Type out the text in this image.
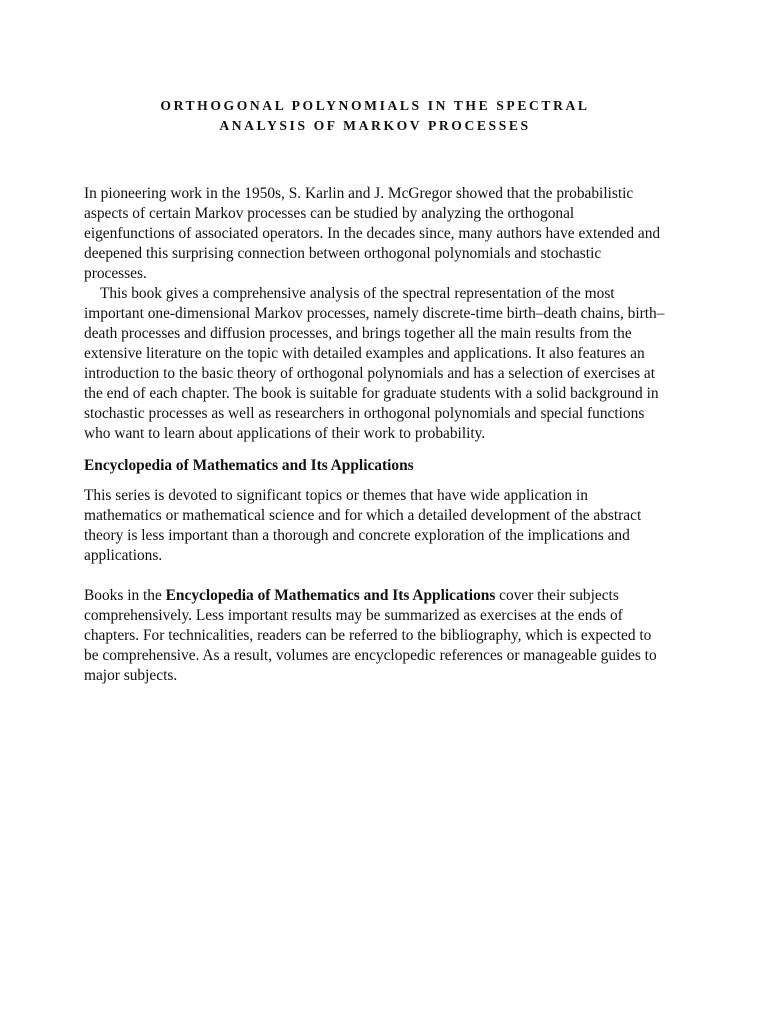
ORTHOGONAL POLYNOMIALS IN THE SPECTRAL
ANALYSIS OF MARKOV PROCESSES

In pioneering work in the 1950s, S. Karlin and J. McGregor showed that the probabilistic aspects of certain Markov processes can be studied by analyzing the orthogonal eigenfunctions of associated operators. In the decades since, many authors have extended and deepened this surprising connection between orthogonal polynomials and stochastic processes.

This book gives a comprehensive analysis of the spectral representation of the most important one-dimensional Markov processes, namely discrete-time birth–death chains, birth–death processes and diffusion processes, and brings together all the main results from the extensive literature on the topic with detailed examples and applications. It also features an introduction to the basic theory of orthogonal polynomials and has a selection of exercises at the end of each chapter. The book is suitable for graduate students with a solid background in stochastic processes as well as researchers in orthogonal polynomials and special functions who want to learn about applications of their work to probability.

Encyclopedia of Mathematics and Its Applications

This series is devoted to significant topics or themes that have wide application in mathematics or mathematical science and for which a detailed development of the abstract theory is less important than a thorough and concrete exploration of the implications and applications.

Books in the Encyclopedia of Mathematics and Its Applications cover their subjects comprehensively. Less important results may be summarized as exercises at the ends of chapters. For technicalities, readers can be referred to the bibliography, which is expected to be comprehensive. As a result, volumes are encyclopedic references or manageable guides to major subjects.
